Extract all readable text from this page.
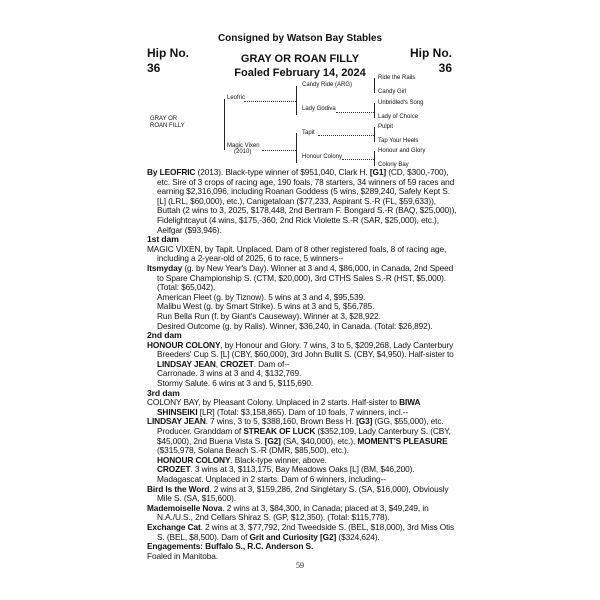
Consigned by Watson Bay Stables
Hip No.
36
Hip No.
36
GRAY OR ROAN FILLY
Foaled February 14, 2024
GRAY OR
ROAN FILLY
Leofric
Magic Vixen
(2010)
Candy Ride (ARG)
Lady Godiva
Tapit
Honour Colony
Ride the Rails
Candy Girl
Unbridled's Song
Lady of Choice
Pulpit
Tap Your Heels
Honour and Glory
Colony Bay

By LEOFRIC (2013). Black-type winner of $951,040, Clark H. [G1] (CD, $300,-700), etc. Sire of 3 crops of racing age, 190 foals, 78 starters, 34 winners of 59 races and earning $2,316,096, including Roanan Goddess (5 wins, $289,240, Safely Kept S. [L] (LRL, $60,000), etc.), Canigetaloan ($77,233, Aspirant S.-R (FL, $59,633)), Buttah (2 wins to 3, 2025, $178,448, 2nd Bertram F. Bongard S.-R (BAQ, $25,000)), Fidelightcayut (4 wins, $175,-360, 2nd Rick Violette S.-R (SAR, $25,000), etc.), Aelfgar ($93,946).

1st dam

MAGIC VIXEN, by Tapit. Unplaced. Dam of 8 other registered foals, 8 of racing age, including a 2-year-old of 2025, 6 to race, 5 winners--

Itsmyday (g. by New Year's Day). Winner at 3 and 4, $86,000, in Canada, 2nd Speed to Spare Championship S. (CTM, $20,000), 3rd CTHS Sales S.-R (HST, $5,000). (Total: $65,042).

American Fleet (g. by Tiznow). 5 wins at 3 and 4, $95,539.

Malibu West (g. by Smart Strike). 5 wins at 3 and 5, $56,785.

Run Bella Run (f. by Giant's Causeway). Winner at 3, $28,922.

Desired Outcome (g. by Ralis). Winner, $36,240, in Canada. (Total: $26,892).

2nd dam

HONOUR COLONY, by Honour and Glory. 7 wins, 3 to 5, $209,268, Lady Canterbury Breeders' Cup S. [L] (CBY, $60,000), 3rd John Bullit S. (CBY, $4,950). Half-sister to LINDSAY JEAN, CROZET. Dam of--

Carronade. 3 wins at 3 and 4, $132,769.

Stormy Salute. 6 wins at 3 and 5, $115,690.

3rd dam

COLONY BAY, by Pleasant Colony. Unplaced in 2 starts. Half-sister to BIWA SHINSEIKI [LR] (Total: $3,158,865). Dam of 10 foals, 7 winners, incl.--

LINDSAY JEAN. 7 wins, 3 to 5, $388,160, Brown Bess H. [G3] (GG, $55,000), etc. Producer. Granddam of STREAK OF LUCK ($352,109, Lady Canterbury S. (CBY, $45,000), 2nd Buena Vista S. [G2] (SA, $40,000), etc.), MOMENT'S PLEASURE ($315,978, Solana Beach S.-R (DMR, $85,500), etc.).

HONOUR COLONY. Black-type winner, above.

CROZET. 3 wins at 3, $113,175, Bay Meadows Oaks [L] (BM, $46,200).

Madagascat. Unplaced in 2 starts. Dam of 6 winners, including--

Bird Is the Word. 2 wins at 3, $159,286, 2nd Singletary S. (SA, $16,000), Obviously Mile S. (SA, $15,600).

Mademoiselle Nova. 2 wins at 3, $84,300, in Canada; placed at 3, $49,249, in N.A./U.S., 2nd Cellars Shiraz S. (GP, $12,350). (Total: $115,778).

Exchange Cat. 2 wins at 3, $77,792, 2nd Tweedside S. (BEL, $18,000), 3rd Miss Otis S. (BEL, $8,500). Dam of Grit and Curiosity [G2] ($324,624).

Engagements: Buffalo S., R.C. Anderson S.

Foaled in Manitoba.

59
